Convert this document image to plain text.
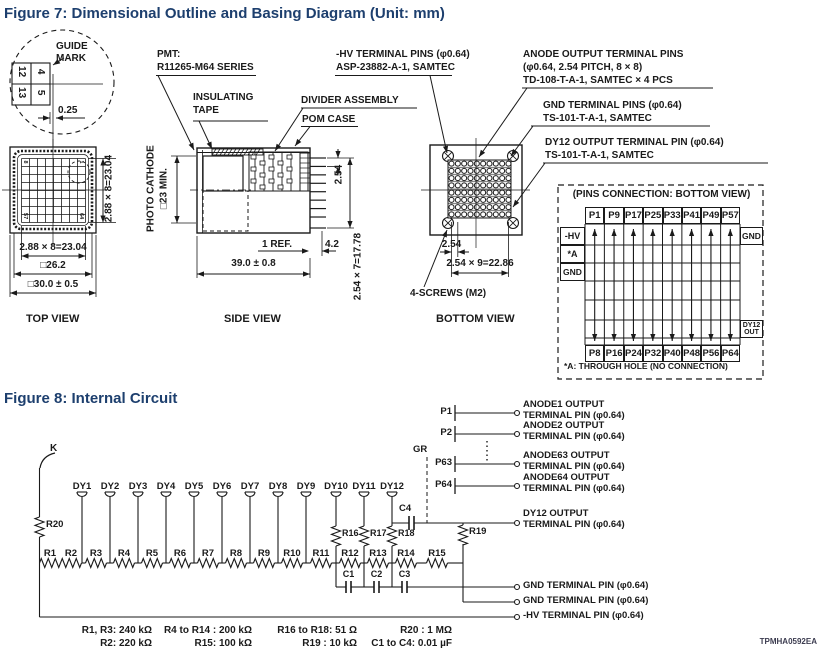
Figure 7: Dimensional Outline and Basing Diagram (Unit: mm)
Figure 8: Internal Circuit
GUIDE
MARK
0.25
12 4
13 5
8	1
57	64 2.88 × 8=23.04
2.88 × 8=23.04
□26.2
□30.0 ± 0.5
TOP VIEW
PHOTO CATHODE □23 MIN.
PMT:
R11265-M64 SERIES
INSULATING
TAPE
DIVIDER ASSEMBLY
POM CASE
2.54
2.54 × 7=17.78
1 REF.	4.2
39.0 ± 0.8
SIDE VIEW
-HV TERMINAL PINS (φ0.64)
ASP-23882-A-1, SAMTEC
ANODE OUTPUT TERMINAL PINS
(φ0.64, 2.54 PITCH, 8 × 8)
TD-108-T-A-1, SAMTEC × 4 PCS
GND TERMINAL PINS (φ0.64)
TS-101-T-A-1, SAMTEC
DY12 OUTPUT TERMINAL PIN (φ0.64)
TS-101-T-A-1, SAMTEC
2.54
2.54 × 9=22.86
4-SCREWS (M2)
BOTTOM VIEW
(PINS CONNECTION: BOTTOM VIEW)
-HV
*A
GND
GND
DY12
OUT
*A: THROUGH HOLE (NO CONNECTION)
K
R20
GR
C4
R19
DY12 OUTPUT
TERMINAL PIN (φ0.64)
GND TERMINAL PIN (φ0.64)
GND TERMINAL PIN (φ0.64)
-HV TERMINAL PIN (φ0.64)
R1, R3: 240 kΩ
R2: 220 kΩ
R4 to R14 : 200 kΩ
R15: 100 kΩ
R16 to R18: 51 Ω
R19 : 10 kΩ
R20 : 1 MΩ
C1 to C4: 0.01 µF	TPMHA0592EA
P1
P8
P9
P16
P17
P24
P25
P32
P33
P40
P41
P48
P49
P56
P57
P64
R1 R2	R3	R4	R5	R6	R7	R8	R9	R10	R11	R12	R13	R14	R15
DY1	DY2	DY3	DY4	DY5	DY6	DY7	DY8	DY9 DY10 DY11 DY12
R16 R17 R18
C1	C2	C3
P1
ANODE1 OUTPUT
TERMINAL PIN (φ0.64)
P2
ANODE2 OUTPUT
TERMINAL PIN (φ0.64)
P63
ANODE63 OUTPUT
TERMINAL PIN (φ0.64)
P64
ANODE64 OUTPUT
TERMINAL PIN (φ0.64)
